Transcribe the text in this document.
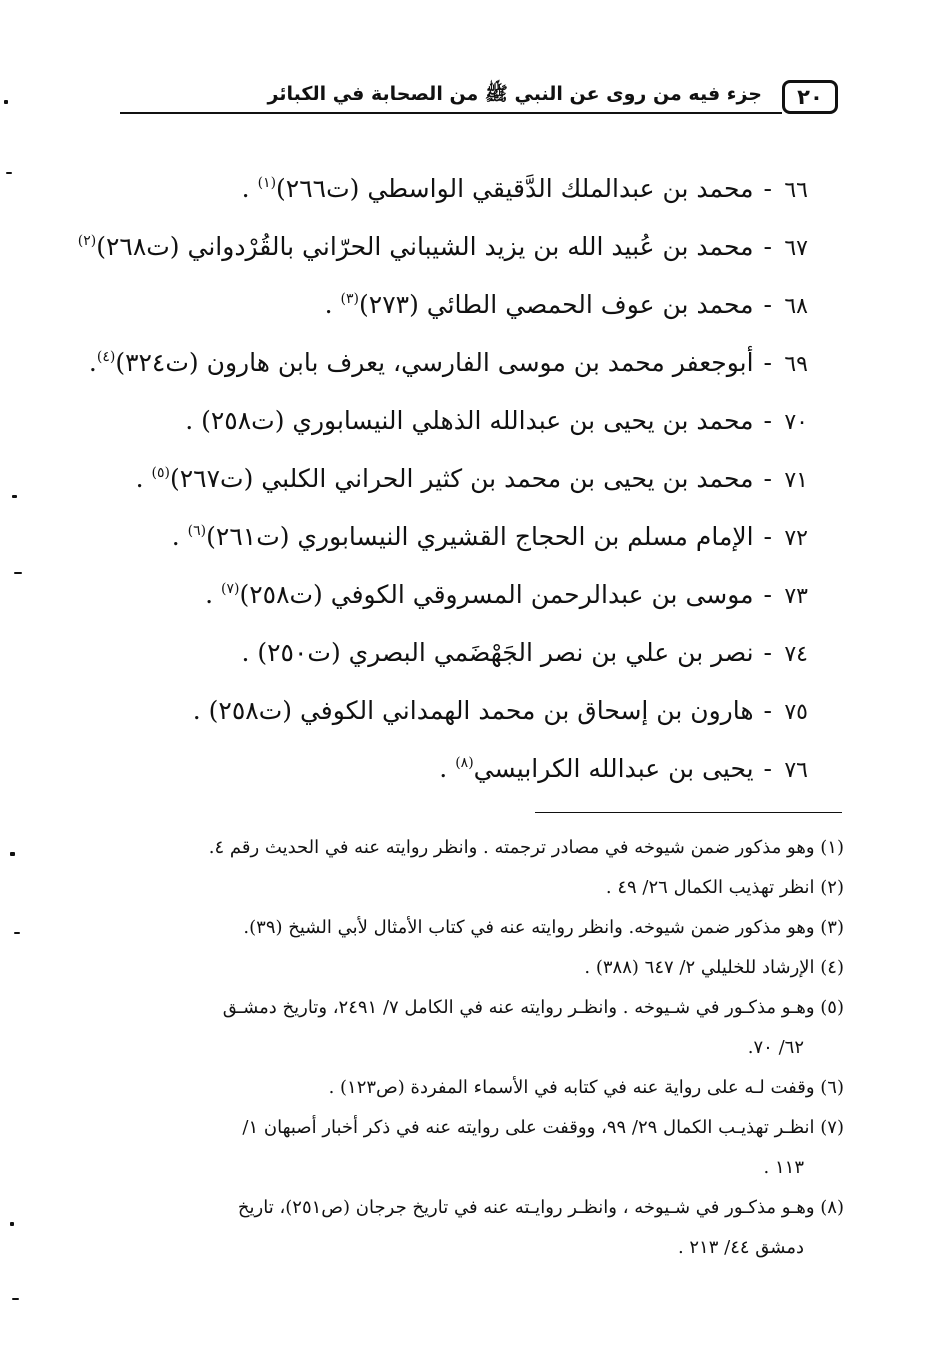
٢٠
جزء فيه من روى عن النبي ﷺ من الصحابة في الكبائر
٦٦-محمد بن عبدالملك الدَّقيقي الواسطي (ت٢٦٦)$^{(١)}$ .
٦٧-محمد بن عُبيد الله بن يزيد الشيباني الحرّاني بالقُرْدواني (ت٢٦٨)$^{(٢)}$
٦٨-محمد بن عوف الحمصي الطائي (٢٧٣)$^{(٣)}$ .
٦٩-أبوجعفر محمد بن موسى الفارسي، يعرف بابن هارون (ت٣٢٤)$^{(٤)}$.
٧٠-محمد بن يحيى بن عبدالله الذهلي النيسابوري (ت٢٥٨) .
٧١-محمد بن يحيى بن محمد بن كثير الحراني الكلبي (ت٢٦٧)$^{(٥)}$ .
٧٢-الإمام مسلم بن الحجاج القشيري النيسابوري (ت٢٦١)$^{(٦)}$ .
٧٣-موسى بن عبدالرحمن المسروقي الكوفي (ت٢٥٨)$^{(٧)}$ .
٧٤-نصر بن علي بن نصر الجَهْضَمي البصري (ت٢٥٠) .
٧٥-هارون بن إسحاق بن محمد الهمداني الكوفي (ت٢٥٨) .
٧٦-يحيى بن عبدالله الكرابيسي$^{(٨)}$ .
(١) وهو مذكور ضمن شيوخه في مصادر ترجمته . وانظر روايته عنه في الحديث رقم ٤.
(٢) انظر تهذيب الكمال ٢٦/ ٤٩ .
(٣) وهو مذكور ضمن شيوخه. وانظر روايته عنه في كتاب الأمثال لأبي الشيخ (٣٩).
(٤) الإرشاد للخليلي ٢/ ٦٤٧ (٣٨٨) .
(٥) وهـو مذكـور في شـيوخه . وانظـر روايته عنه في الكامل ٧/ ٢٤٩١، وتاريخ دمشـق
٦٢/ ٧٠.
(٦) وقفت لـه على رواية عنه في كتابه في الأسماء المفردة (ص١٢٣) .
(٧) انظـر تهذيـب الكمال ٢٩/ ٩٩، ووقفت على روايته عنه في ذكر أخبار أصبهان ١/
١١٣ .
(٨) وهـو مذكـور في شـيوخه ، وانظـر روايـته عنه في تاريخ جرجان (ص٢٥١)، تاريخ
دمشق ٤٤/ ٢١٣ .
